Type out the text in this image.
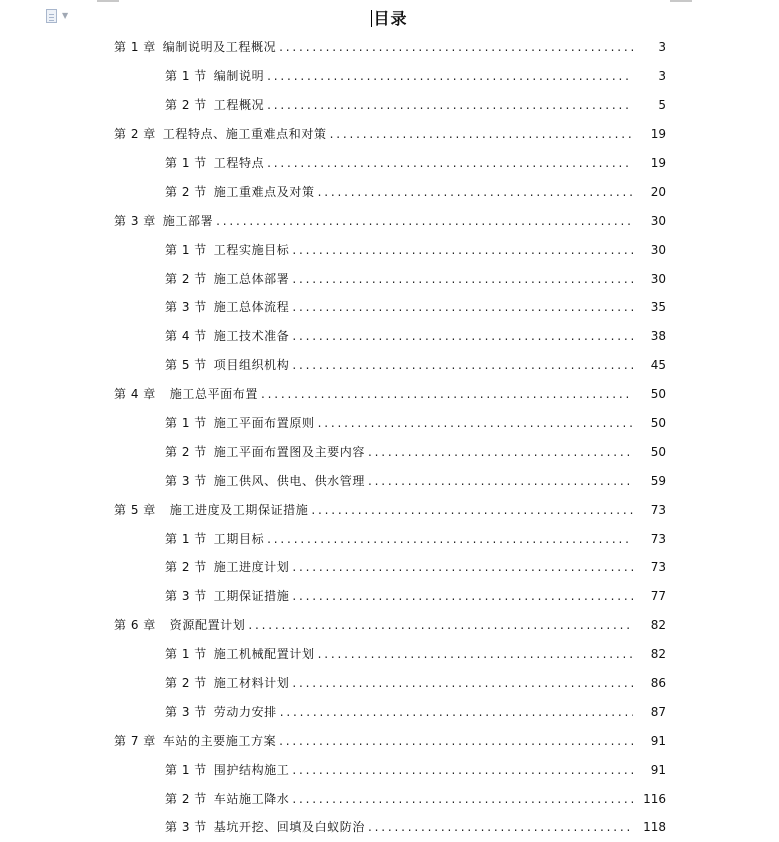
▼	目录
第 1 章 编制说明及工程概况 . . .	3
第 1 节 编制说明 . . .	3
第 2 节 工程概况 . . .	5
第 2 章 工程特点、施工重难点和对策 . . .	19
第 1 节 工程特点 . . .	19
第 2 节 施工重难点及对策 . . .	20
第 3 章 施工部署 . . .	30
第 1 节 工程实施目标 . . .	30
第 2 节 施工总体部署 . . .	30
第 3 节 施工总体流程 . . .	35
第 4 节 施工技术准备 . . .	38
第 5 节 项目组织机构 . . .	45
第 4 章 施工总平面布置 . . .	50
第 1 节 施工平面布置原则 . . .	50
第 2 节 施工平面布置图及主要内容 . . .	50
第 3 节 施工供风、供电、供水管理 . . .	59
第 5 章 施工进度及工期保证措施 . . .	73
第 1 节 工期目标 . . .	73
第 2 节 施工进度计划 . . .	73
第 3 节 工期保证措施 . . .	77
第 6 章 资源配置计划 . . .	82
第 1 节 施工机械配置计划 . . .	82
第 2 节 施工材料计划 . . .	86
第 3 节 劳动力安排 . . .	87
第 7 章 车站的主要施工方案 . . .	91
第 1 节 围护结构施工 . . .	91
第 2 节 车站施工降水 . . .	116
第 3 节 基坑开挖、回填及白蚁防治 . . .	118
